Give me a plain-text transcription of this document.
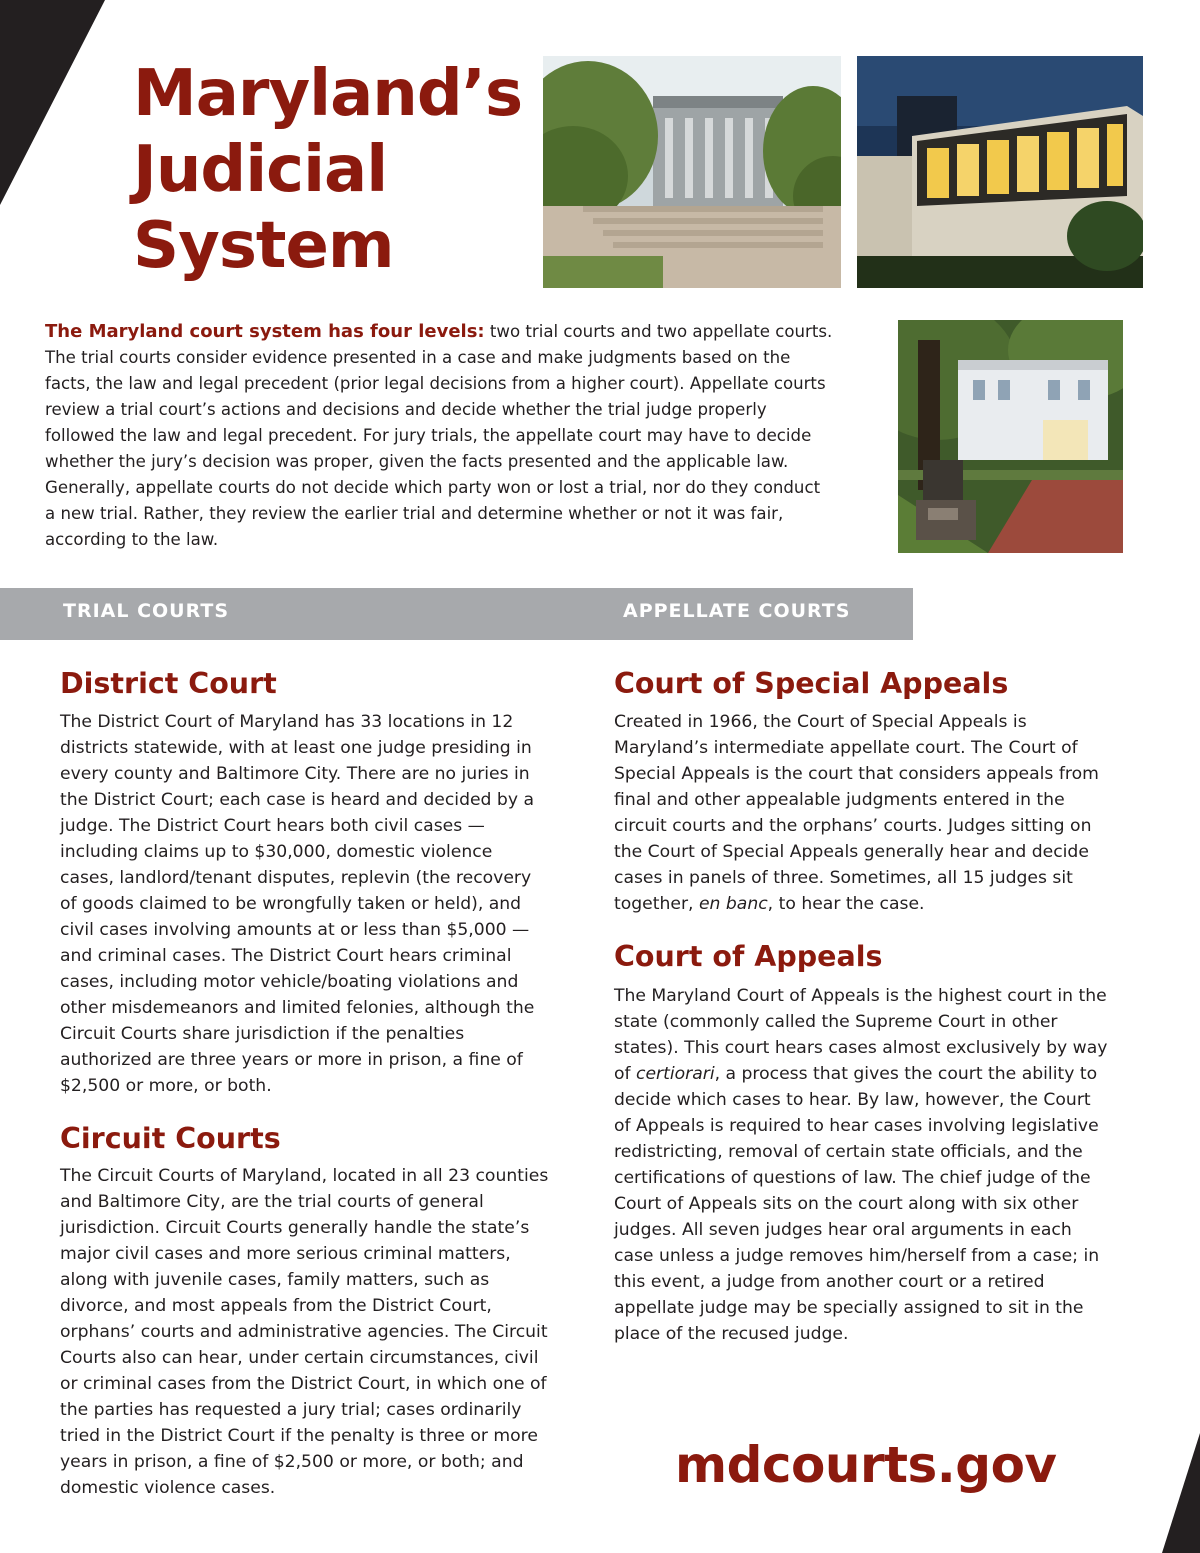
Maryland’s
Judicial
System

The Maryland court system has four levels: two trial courts and two appellate courts. The trial courts consider evidence presented in a case and make judgments based on the facts, the law and legal precedent (prior legal decisions from a higher court). Appellate courts review a trial court’s actions and decisions and decide whether the trial judge properly followed the law and legal precedent. For jury trials, the appellate court may have to decide whether the jury’s decision was proper, given the facts presented and the applicable law. Generally, appellate courts do not decide which party won or lost a trial, nor do they conduct a new trial. Rather, they review the earlier trial and determine whether or not it was fair, according to the law.

TRIAL COURTS	APPELLATE COURTS
District Court

The District Court of Maryland has 33 locations in 12 districts statewide, with at least one judge presiding in every county and Baltimore City. There are no juries in the District Court; each case is heard and decided by a judge. The District Court hears both civil cases — including claims up to $30,000, domestic violence cases, landlord/tenant disputes, replevin (the recovery of goods claimed to be wrongfully taken or held), and civil cases involving amounts at or less than $5,000 — and criminal cases. The District Court hears criminal cases, including motor vehicle/boating violations and other misdemeanors and limited felonies, although the Circuit Courts share jurisdiction if the penalties authorized are three years or more in prison, a fine of $2,500 or more, or both.

Circuit Courts

The Circuit Courts of Maryland, located in all 23 counties and Baltimore City, are the trial courts of general jurisdiction. Circuit Courts generally handle the state’s major civil cases and more serious criminal matters, along with juvenile cases, family matters, such as divorce, and most appeals from the District Court, orphans’ courts and administrative agencies. The Circuit Courts also can hear, under certain circumstances, civil or criminal cases from the District Court, in which one of the parties has requested a jury trial; cases ordinarily tried in the District Court if the penalty is three or more years in prison, a fine of $2,500 or more, or both; and domestic violence cases.

Court of Special Appeals

Created in 1966, the Court of Special Appeals is Maryland’s intermediate appellate court. The Court of Special Appeals is the court that considers appeals from final and other appealable judgments entered in the circuit courts and the orphans’ courts. Judges sitting on the Court of Special Appeals generally hear and decide cases in panels of three. Sometimes, all 15 judges sit together, en banc, to hear the case.

Court of Appeals

The Maryland Court of Appeals is the highest court in the state (commonly called the Supreme Court in other states). This court hears cases almost exclusively by way of certiorari, a process that gives the court the ability to decide which cases to hear. By law, however, the Court of Appeals is required to hear cases involving legislative redistricting, removal of certain state officials, and the certifications of questions of law. The chief judge of the Court of Appeals sits on the court along with six other judges. All seven judges hear oral arguments in each case unless a judge removes him/herself from a case; in this event, a judge from another court or a retired appellate judge may be specially assigned to sit in the place of the recused judge.

mdcourts.gov
